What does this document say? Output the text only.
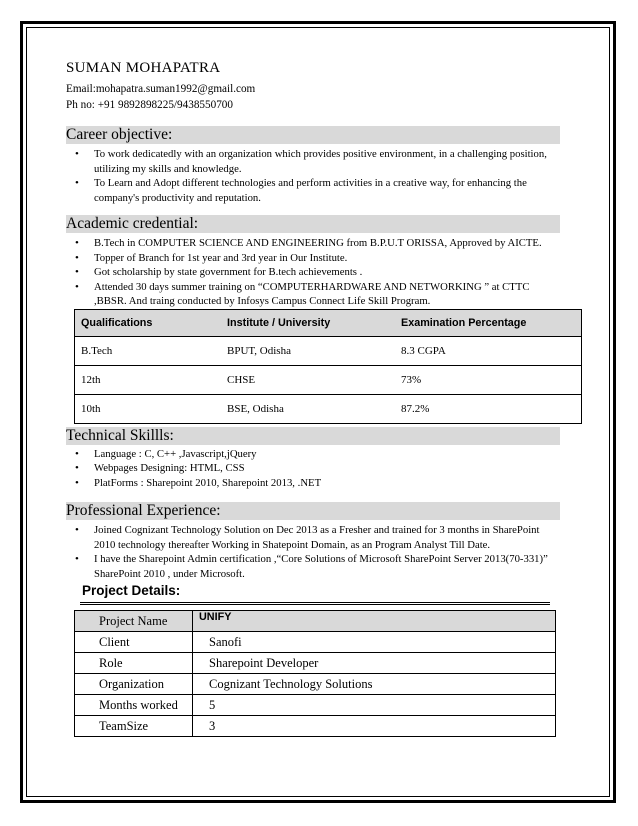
SUMAN MOHAPATRA

Email:mohapatra.suman1992@gmail.com

Ph no: +91 9892898225/9438550700

Career objective:
• To work dedicatedly with an organization which provides positive environment, in a challenging position, utilizing my skills and knowledge.
• To Learn and Adopt different technologies and perform activities in a creative way, for enhancing the company's productivity and reputation.
Academic credential:
• B.Tech in COMPUTER SCIENCE AND ENGINEERING from B.P.U.T ORISSA, Approved by AICTE.
• Topper of Branch for 1st year and 3rd year in Our Institute.
• Got scholarship by state government for B.tech achievements .
• Attended 30 days summer training on “COMPUTERHARDWARE AND NETWORKING ” at CTTC ,BBSR. And traing conducted by Infosys Campus Connect Life Skill Program.
Qualifications	Institute / University	Examination Percentage
B.Tech	BPUT, Odisha	8.3 CGPA
12th	CHSE	73%
10th	BSE, Odisha	87.2%
Technical Skillls:
• Language : C, C++ ,Javascript,jQuery
• Webpages Designing: HTML, CSS
• PlatForms : Sharepoint 2010, Sharepoint 2013, .NET
Professional Experience:
• Joined Cognizant Technology Solution on Dec 2013 as a Fresher and trained for 3 months in SharePoint 2010 technology thereafter Working in Shatepoint Domain, as an Program Analyst Till Date.
• I have the Sharepoint Admin certification ,“Core Solutions of Microsoft SharePoint Server 2013(70-331)” SharePoint 2010 , under Microsoft.

Project Details:

Project Name	UNIFY
Client	Sanofi
Role	Sharepoint Developer
Organization	Cognizant Technology Solutions
Months worked	5
TeamSize	3
